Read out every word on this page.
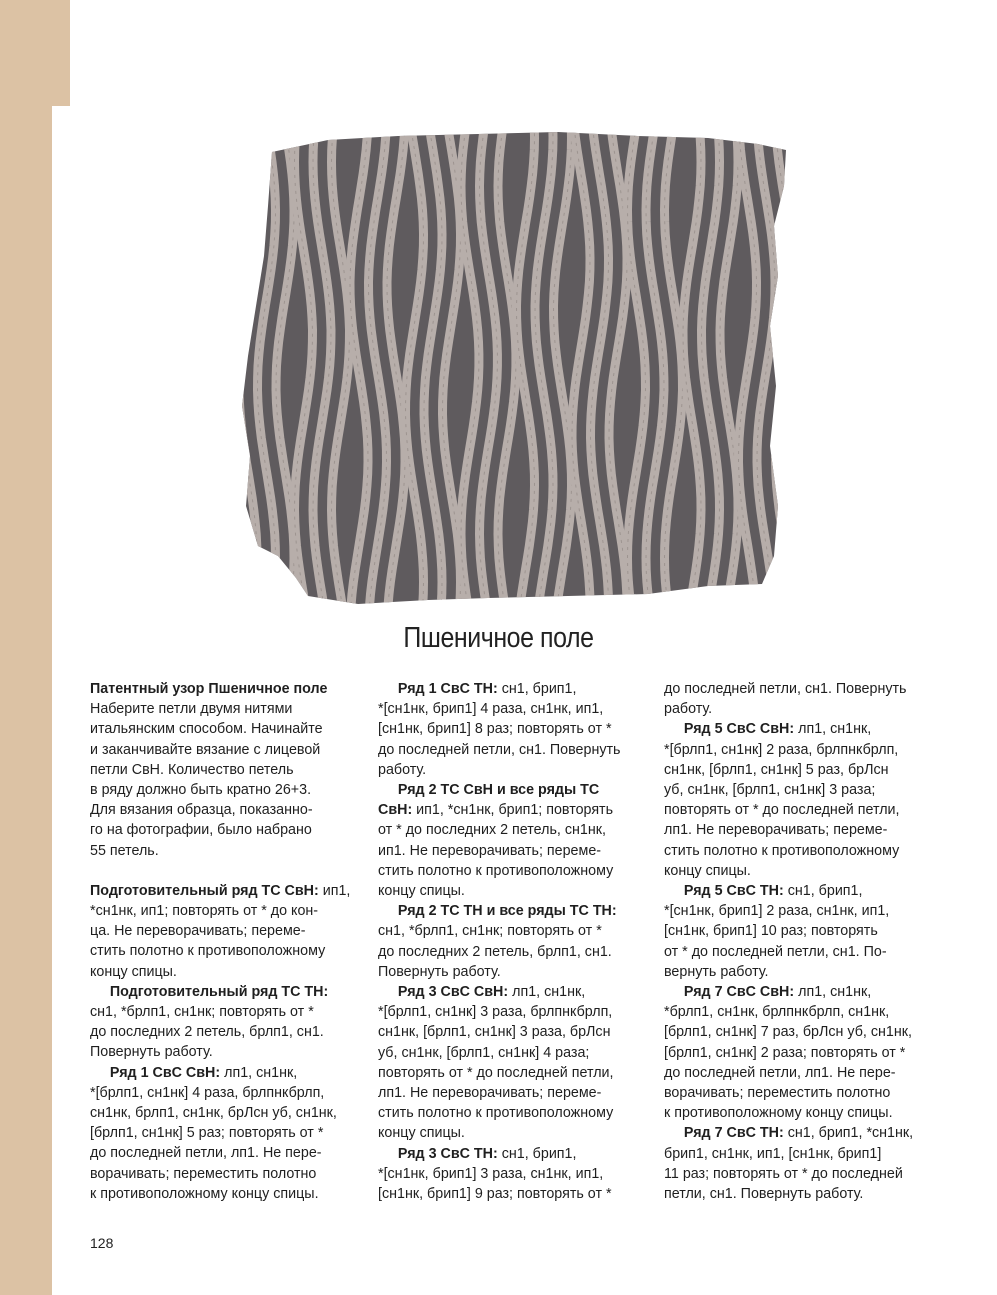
Пшеничное поле

Патентный узор Пшеничное поле

Наберите петли двумя нитями

итальянским способом. Начинайте

и заканчивайте вязание с лицевой

петли СвН. Количество петель

в ряду должно быть кратно 26+3.

Для вязания образца, показанно-

го на фотографии, было набрано

55 петель.

Подготовительный ряд ТС СвН: ип1,

*сн1нк, ип1; повторять от * до кон-

ца. Не переворачивать; переме-

стить полотно к противоположному

концу спицы.

Подготовительный ряд ТС ТН:

сн1, *брлп1, сн1нк; повторять от *

до последних 2 петель, брлп1, сн1.

Повернуть работу.

Ряд 1 СвС СвН: лп1, сн1нк,

*[брлп1, сн1нк] 4 раза, брлпнкбрлп,

сн1нк, брлп1, сн1нк, брЛсн уб, сн1нк,

[брлп1, сн1нк] 5 раз; повторять от *

до последней петли, лп1. Не пере-

ворачивать; переместить полотно

к противоположному концу спицы.

Ряд 1 СвС ТН: сн1, брип1,

*[сн1нк, брип1] 4 раза, сн1нк, ип1,

[сн1нк, брип1] 8 раз; повторять от *

до последней петли, сн1. Повернуть

работу.

Ряд 2 ТС СвН и все ряды ТС

СвН: ип1, *сн1нк, брип1; повторять

от * до последних 2 петель, сн1нк,

ип1. Не переворачивать; переме-

стить полотно к противоположному

концу спицы.

Ряд 2 ТС ТН и все ряды ТС ТН:

сн1, *брлп1, сн1нк; повторять от *

до последних 2 петель, брлп1, сн1.

Повернуть работу.

Ряд 3 СвС СвН: лп1, сн1нк,

*[брлп1, сн1нк] 3 раза, брлпнкбрлп,

сн1нк, [брлп1, сн1нк] 3 раза, брЛсн

уб, сн1нк, [брлп1, сн1нк] 4 раза;

повторять от * до последней петли,

лп1. Не переворачивать; переме-

стить полотно к противоположному

концу спицы.

Ряд 3 СвС ТН: сн1, брип1,

*[сн1нк, брип1] 3 раза, сн1нк, ип1,

[сн1нк, брип1] 9 раз; повторять от *

до последней петли, сн1. Повернуть

работу.

Ряд 5 СвС СвН: лп1, сн1нк,

*[брлп1, сн1нк] 2 раза, брлпнкбрлп,

сн1нк, [брлп1, сн1нк] 5 раз, брЛсн

уб, сн1нк, [брлп1, сн1нк] 3 раза;

повторять от * до последней петли,

лп1. Не переворачивать; переме-

стить полотно к противоположному

концу спицы.

Ряд 5 СвС ТН: сн1, брип1,

*[сн1нк, брип1] 2 раза, сн1нк, ип1,

[сн1нк, брип1] 10 раз; повторять

от * до последней петли, сн1. По-

вернуть работу.

Ряд 7 СвС СвН: лп1, сн1нк,

*брлп1, сн1нк, брлпнкбрлп, сн1нк,

[брлп1, сн1нк] 7 раз, брЛсн уб, сн1нк,

[брлп1, сн1нк] 2 раза; повторять от *

до последней петли, лп1. Не пере-

ворачивать; переместить полотно

к противоположному концу спицы.

Ряд 7 СвС ТН: сн1, брип1, *сн1нк,

брип1, сн1нк, ип1, [сн1нк, брип1]

11 раз; повторять от * до последней

петли, сн1. Повернуть работу.

128
